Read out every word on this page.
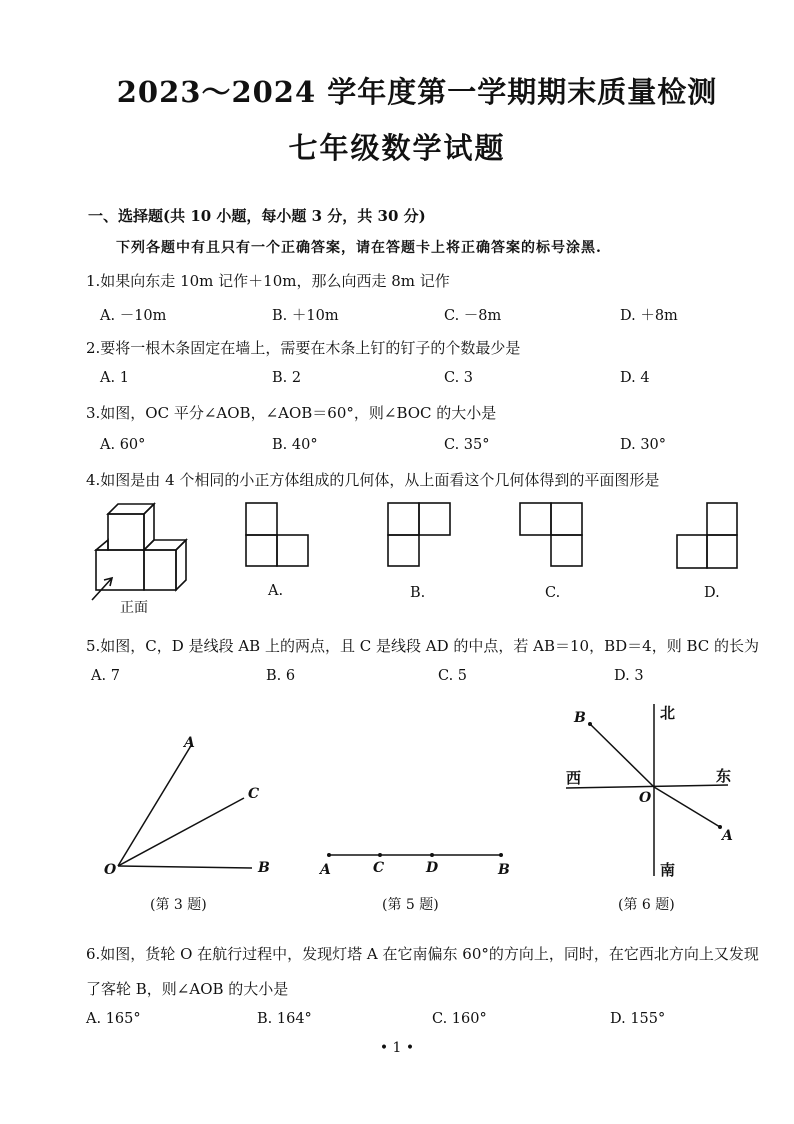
2023～2024 学年度第一学期期末质量检测
七年级数学试题
一、选择题(共 10 小题，每小题 3 分，共 30 分)
下列各题中有且只有一个正确答案，请在答题卡上将正确答案的标号涂黑.
1.如果向东走 10m 记作＋10m，那么向西走 8m 记作
A. －10m	B. ＋10m	C. －8m	D. ＋8m
2.要将一根木条固定在墙上，需要在木条上钉的钉子的个数最少是
A. 1	B. 2	C. 3	D. 4
3.如图，OC 平分∠AOB，∠AOB＝60°，则∠BOC 的大小是
A. 60°	B. 40°	C. 35°	D. 30°
4.如图是由 4 个相同的小正方体组成的几何体，从上面看这个几何体得到的平面图形是
正面
A.	B.	C.	D.
5.如图，C，D 是线段 AB 上的两点，且 C 是线段 AD 的中点，若 AB＝10，BD＝4，则 BC 的长为
A. 7	B. 6	C. 5	D. 3
A
C
O	B
(第 3 题)
A	C	D	B
(第 5 题)
北
南
西	东
B
A
O
(第 6 题)
6.如图，货轮 O 在航行过程中，发现灯塔 A 在它南偏东 60°的方向上，同时，在它西北方向上又发现
了客轮 B，则∠AOB 的大小是
A. 165°	B. 164°	C. 160°	D. 155°
• 1 •
